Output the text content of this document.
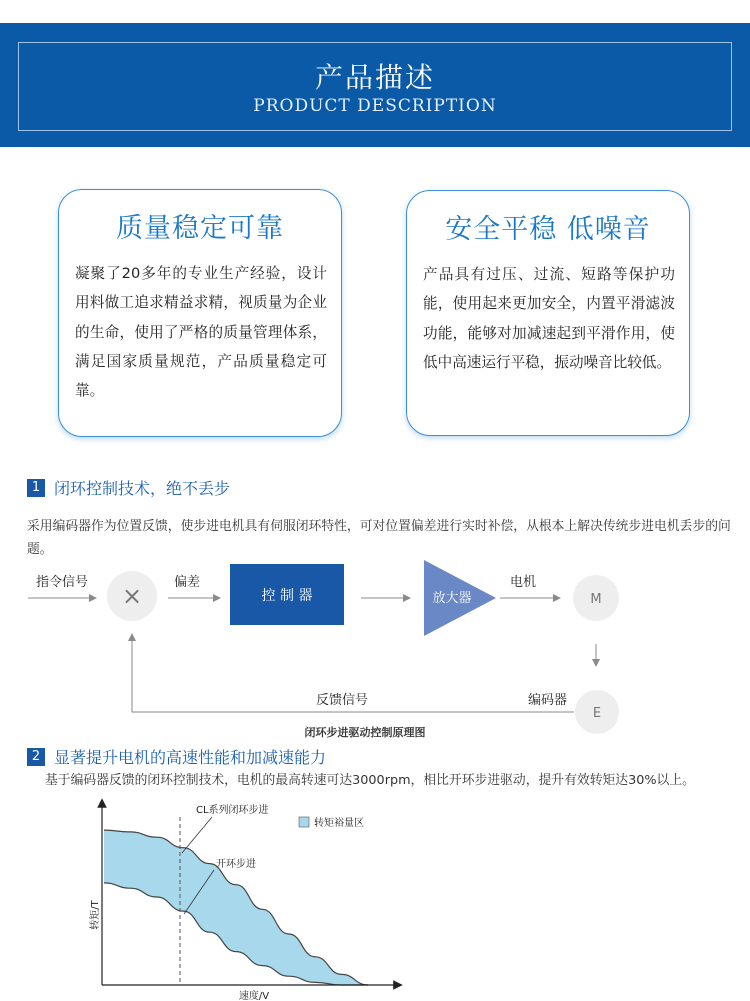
产品描述
PRODUCT DESCRIPTION
质量稳定可靠
凝聚了20多年的专业生产经验，设计用料做工追求精益求精，视质量为企业的生命，使用了严格的质量管理体系，满足国家质量规范，产品质量稳定可靠。
安全平稳 低噪音
产品具有过压、过流、短路等保护功能，使用起来更加安全，内置平滑滤波功能，能够对加减速起到平滑作用，使低中高速运行平稳，振动噪音比较低。
1 闭环控制技术，绝不丢步
采用编码器作为位置反馈，使步进电机具有伺服闭环特性，可对位置偏差进行实时补偿，从根本上解决传统步进电机丢步的问题。
指令信号 × 偏差
控 制 器	放大器
电机
M
E
编码器
反馈信号
闭环步进驱动控制原理图
2 显著提升电机的高速性能和加减速能力
基于编码器反馈的闭环控制技术，电机的最高转速可达3000rpm，相比开环步进驱动，提升有效转矩达30%以上。
CL系列闭环步进
开环步进
转矩裕量区
速度/V
转矩/T
